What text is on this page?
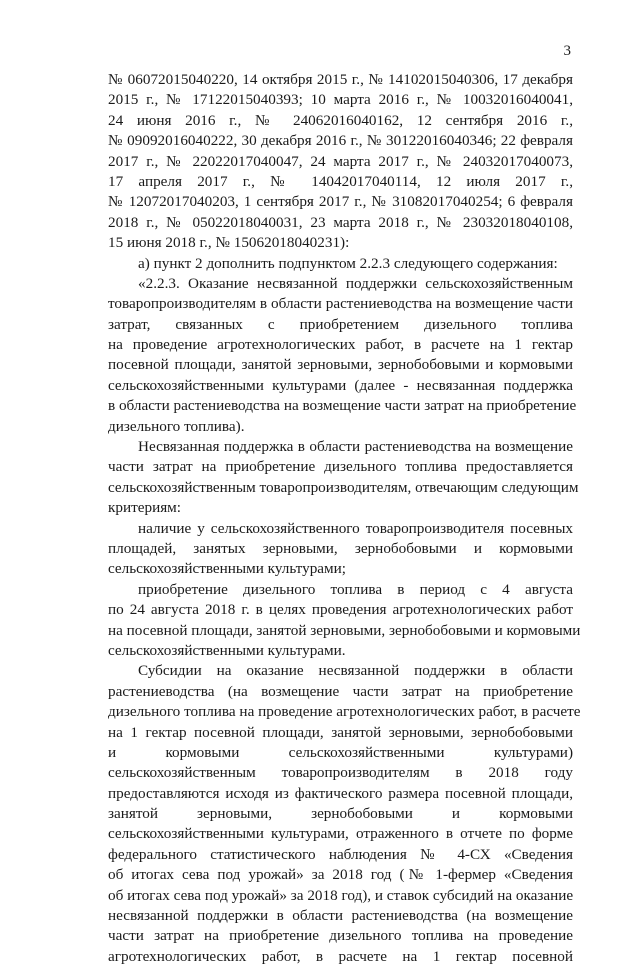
3
№ 06072015040220, 14 октября 2015 г., № 14102015040306, 17 декабря
2015 г., № 17122015040393; 10 марта 2016 г., № 10032016040041,
24 июня 2016 г., № 24062016040162, 12 сентября 2016 г.,
№ 09092016040222, 30 декабря 2016 г., № 30122016040346; 22 февраля
2017 г., № 22022017040047, 24 марта 2017 г., № 24032017040073,
17 апреля 2017 г., № 14042017040114, 12 июля 2017 г.,
№ 12072017040203, 1 сентября 2017 г., № 31082017040254; 6 февраля
2018 г., № 05022018040031, 23 марта 2018 г., № 23032018040108,
15 июня 2018 г., № 15062018040231):
а) пункт 2 дополнить подпунктом 2.2.3 следующего содержания:
«2.2.3. Оказание несвязанной поддержки сельскохозяйственным
товаропроизводителям в области растениеводства на возмещение части
затрат, связанных с приобретением дизельного топлива
на проведение агротехнологических работ, в расчете на 1 гектар
посевной площади, занятой зерновыми, зернобобовыми и кормовыми
сельскохозяйственными культурами (далее - несвязанная поддержка
в области растениеводства на возмещение части затрат на приобретение
дизельного топлива).
Несвязанная поддержка в области растениеводства на возмещение
части затрат на приобретение дизельного топлива предоставляется
сельскохозяйственным товаропроизводителям, отвечающим следующим
критериям:
наличие у сельскохозяйственного товаропроизводителя посевных
площадей, занятых зерновыми, зернобобовыми и кормовыми
сельскохозяйственными культурами;
приобретение дизельного топлива в период с 4 августа
по 24 августа 2018 г. в целях проведения агротехнологических работ
на посевной площади, занятой зерновыми, зернобобовыми и кормовыми
сельскохозяйственными культурами.
Субсидии на оказание несвязанной поддержки в области
растениеводства (на возмещение части затрат на приобретение
дизельного топлива на проведение агротехнологических работ, в расчете
на 1 гектар посевной площади, занятой зерновыми, зернобобовыми
и кормовыми сельскохозяйственными культурами)
сельскохозяйственным товаропроизводителям в 2018 году
предоставляются исходя из фактического размера посевной площади,
занятой зерновыми, зернобобовыми и кормовыми
сельскохозяйственными культурами, отраженного в отчете по форме
федерального статистического наблюдения № 4-СХ «Сведения
об итогах сева под урожай» за 2018 год (№ 1-фермер «Сведения
об итогах сева под урожай» за 2018 год), и ставок субсидий на оказание
несвязанной поддержки в области растениеводства (на возмещение
части затрат на приобретение дизельного топлива на проведение
агротехнологических работ, в расчете на 1 гектар посевной
